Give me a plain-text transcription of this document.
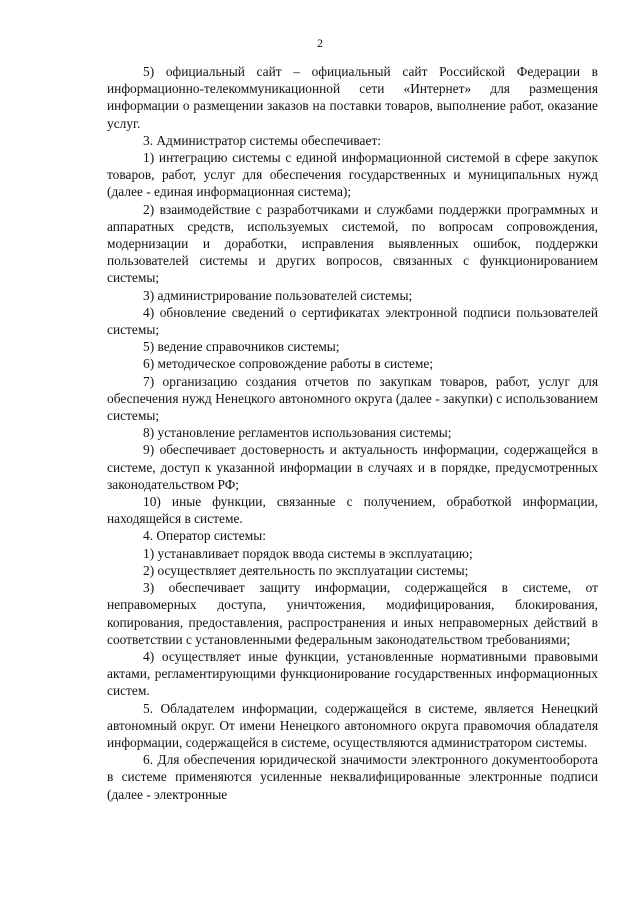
2

5) официальный сайт – официальный сайт Российской Федерации в информационно-телекоммуникационной сети «Интернет» для размещения информации о размещении заказов на поставки товаров, выполнение работ, оказание услуг.

3. Администратор системы обеспечивает:

1) интеграцию системы с единой информационной системой в сфере закупок товаров, работ, услуг для обеспечения государственных и муниципальных нужд (далее - единая информационная система);

2) взаимодействие с разработчиками и службами поддержки программных и аппаратных средств, используемых системой, по вопросам сопровождения, модернизации и доработки, исправления выявленных ошибок, поддержки пользователей системы и других вопросов, связанных с функционированием системы;

3) администрирование пользователей системы;

4) обновление сведений о сертификатах электронной подписи пользователей системы;

5) ведение справочников системы;

6) методическое сопровождение работы в системе;

7) организацию создания отчетов по закупкам товаров, работ, услуг для обеспечения нужд Ненецкого автономного округа (далее - закупки) с использованием системы;

8) установление регламентов использования системы;

9) обеспечивает достоверность и актуальность информации, содержащейся в системе, доступ к указанной информации в случаях и в порядке, предусмотренных законодательством РФ;

10) иные функции, связанные с получением, обработкой информации, находящейся в системе.

4. Оператор системы:

1) устанавливает порядок ввода системы в эксплуатацию;

2) осуществляет деятельность по эксплуатации системы;

3) обеспечивает защиту информации, содержащейся в системе, от неправомерных доступа, уничтожения, модифицирования, блокирования, копирования, предоставления, распространения и иных неправомерных действий в соответствии с установленными федеральным законодательством требованиями;

4) осуществляет иные функции, установленные нормативными правовыми актами, регламентирующими функционирование государственных информационных систем.

5. Обладателем информации, содержащейся в системе, является Ненецкий автономный округ. От имени Ненецкого автономного округа правомочия обладателя информации, содержащейся в системе, осуществляются администратором системы.

6. Для обеспечения юридической значимости электронного документооборота в системе применяются усиленные неквалифицированные электронные подписи (далее - электронные
